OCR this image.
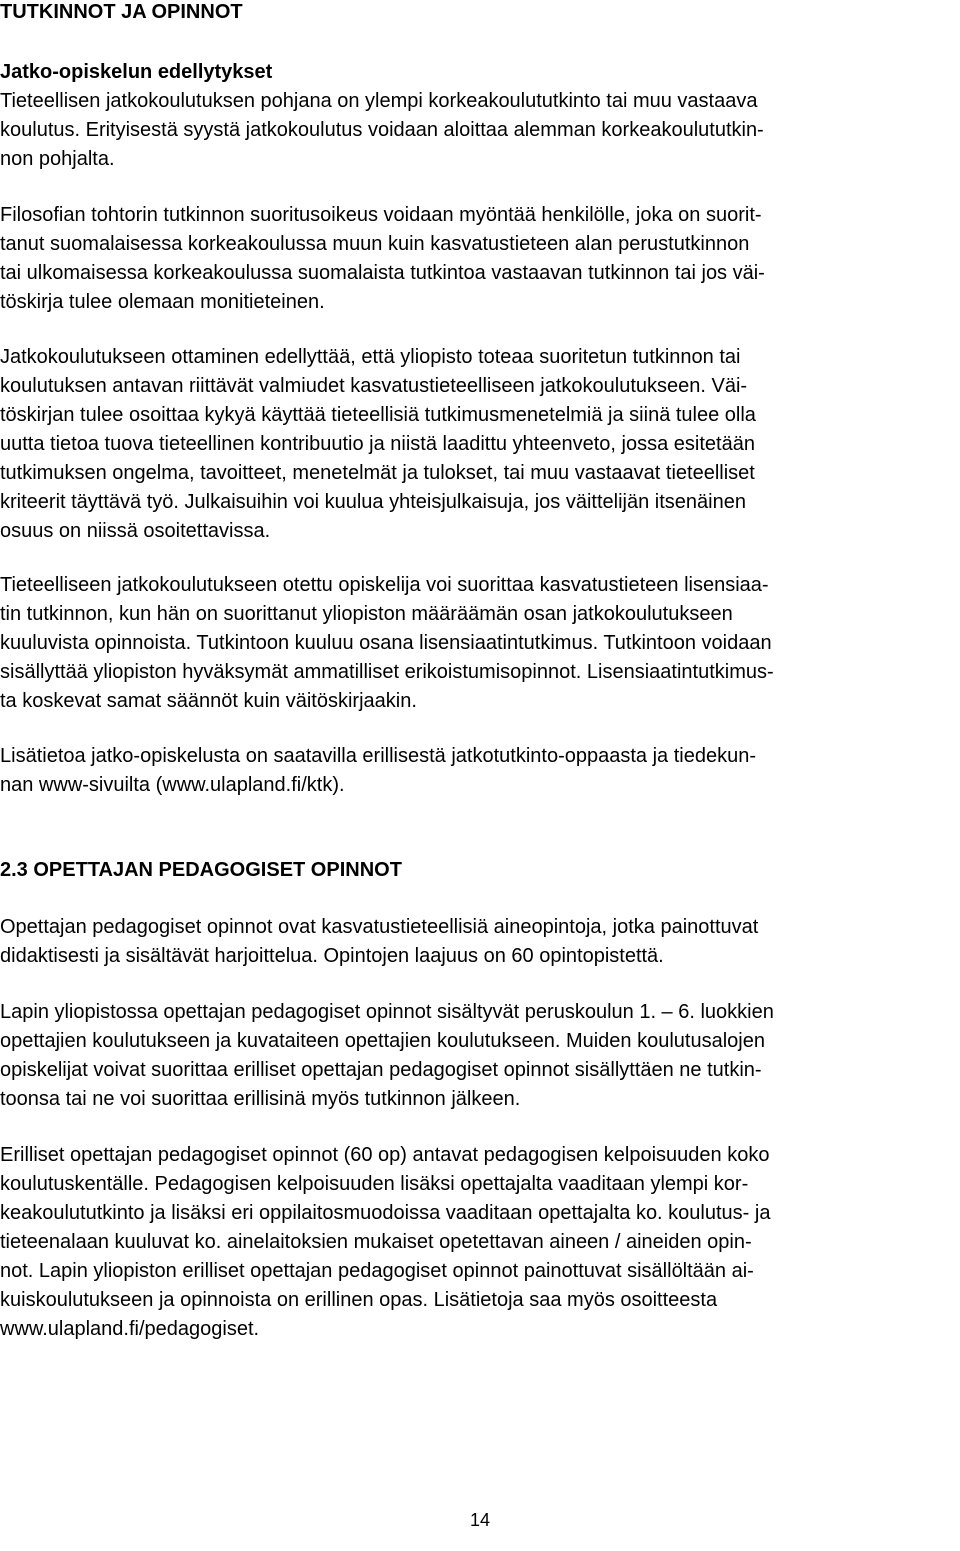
TUTKINNOT JA OPINNOT
Jatko-opiskelun edellytykset
Tieteellisen jatkokoulutuksen pohjana on ylempi korkeakoulututkinto tai muu vastaava
koulutus. Erityisestä syystä jatkokoulutus voidaan aloittaa alemman korkeakoulututkin-
non pohjalta.
Filosofian tohtorin tutkinnon suoritusoikeus voidaan myöntää henkilölle, joka on suorit-
tanut suomalaisessa korkeakoulussa muun kuin kasvatustieteen alan perustutkinnon
tai ulkomaisessa korkeakoulussa suomalaista tutkintoa vastaavan tutkinnon tai jos väi-
töskirja tulee olemaan monitieteinen.
Jatkokoulutukseen ottaminen edellyttää, että yliopisto toteaa suoritetun tutkinnon tai
koulutuksen antavan riittävät valmiudet kasvatustieteelliseen jatkokoulutukseen. Väi-
töskirjan tulee osoittaa kykyä käyttää tieteellisiä tutkimusmenetelmiä ja siinä tulee olla
uutta tietoa tuova tieteellinen kontribuutio ja niistä laadittu yhteenveto, jossa esitetään
tutkimuksen ongelma, tavoitteet, menetelmät ja tulokset, tai muu vastaavat tieteelliset
kriteerit täyttävä työ. Julkaisuihin voi kuulua yhteisjulkaisuja, jos väittelijän itsenäinen
osuus on niissä osoitettavissa.
Tieteelliseen jatkokoulutukseen otettu opiskelija voi suorittaa kasvatustieteen lisensiaa-
tin tutkinnon, kun hän on suorittanut yliopiston määräämän osan jatkokoulutukseen
kuuluvista opinnoista. Tutkintoon kuuluu osana lisensiaatintutkimus. Tutkintoon voidaan
sisällyttää yliopiston hyväksymät ammatilliset erikoistumisopinnot. Lisensiaatintutkimus-
ta koskevat samat säännöt kuin väitöskirjaakin.
Lisätietoa jatko-opiskelusta on saatavilla erillisestä jatkotutkinto-oppaasta ja tiedekun-
nan www-sivuilta (www.ulapland.fi/ktk).
2.3 OPETTAJAN PEDAGOGISET OPINNOT
Opettajan pedagogiset opinnot ovat kasvatustieteellisiä aineopintoja, jotka painottuvat
didaktisesti ja sisältävät harjoittelua. Opintojen laajuus on 60 opintopistettä.
Lapin yliopistossa opettajan pedagogiset opinnot sisältyvät peruskoulun 1. – 6. luokkien
opettajien koulutukseen ja kuvataiteen opettajien koulutukseen. Muiden koulutusalojen
opiskelijat voivat suorittaa erilliset opettajan pedagogiset opinnot sisällyttäen ne tutkin-
toonsa tai ne voi suorittaa erillisinä myös tutkinnon jälkeen.
Erilliset opettajan pedagogiset opinnot (60 op) antavat pedagogisen kelpoisuuden koko
koulutuskentälle. Pedagogisen kelpoisuuden lisäksi opettajalta vaaditaan ylempi kor-
keakoulututkinto ja lisäksi eri oppilaitosmuodoissa vaaditaan opettajalta ko. koulutus- ja
tieteenalaan kuuluvat ko. ainelaitoksien mukaiset opetettavan aineen / aineiden opin-
not. Lapin yliopiston erilliset opettajan pedagogiset opinnot painottuvat sisällöltään ai-
kuiskoulutukseen ja opinnoista on erillinen opas. Lisätietoja saa myös osoitteesta
www.ulapland.fi/pedagogiset.
14
